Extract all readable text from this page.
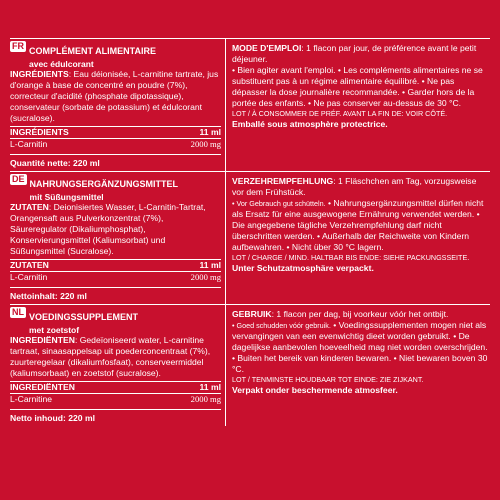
FR COMPLÉMENT ALIMENTAIRE
avec édulcorant
INGRÉDIENTS: Eau déionisée, L-carnitine tartrate, jus d'orange à base de concentré en poudre (7%), correcteur d'acidité (phosphate dipotassique), conservateur (sorbate de potassium) et édulcorant (sucralose).
INGRÉDIENTS	11 ml
L-Carnitin	2000 mg
Quantité nette: 220 ml
MODE D'EMPLOI: 1 flacon par jour, de préférence avant le petit déjeuner.
• Bien agiter avant l'emploi. • Les compléments alimentaires ne se substituent pas à un régime alimentaire équilibré. • Ne pas dépasser la dose journalière recommandée. • Garder hors de la portée des enfants. • Ne pas conserver au-dessus de 30 °C.
LOT / À CONSOMMER DE PRÉF. AVANT LA FIN DE: VOIR CÔTÉ.
Emballé sous atmosphère protectrice.
DE NAHRUNGSERGÄNZUNGSMITTEL
mit Süßungsmittel
ZUTATEN: Deionisiertes Wasser, L-Carnitin-Tartrat, Orangensaft aus Pulverkonzentrat (7%), Säureregulator (Dikaliumphosphat), Konservierungsmittel (Kaliumsorbat) und Süßungsmittel (Sucralose).
ZUTATEN	11 ml
L-Carnitin	2000 mg
Nettoinhalt: 220 ml
VERZEHREMPFEHLUNG: 1 Fläschchen am Tag, vorzugsweise vor dem Frühstück.
• Vor Gebrauch gut schütteln. • Nahrungsergänzungsmittel dürfen nicht als Ersatz für eine ausgewogene Ernährung verwendet werden. • Die angegebene tägliche Verzehrempfehlung darf nicht überschritten werden. • Außerhalb der Reichweite von Kindern aufbewahren. • Nicht über 30 °C lagern.
LOT / CHARGE / MIND. HALTBAR BIS ENDE: SIEHE PACKUNGSSEITE.
Unter Schutzatmosphäre verpackt.
NL VOEDINGSSUPPLEMENT
met zoetstof
INGREDIËNTEN: Gedeïoniseerd water, L-carnitine tartraat, sinaasappelsap uit poederconcentraat (7%), zuurteregelaar (dikaliumfosfaat), conserveermiddel (kaliumsorbaat) en zoetstof (sucralose).
INGREDIËNTEN	11 ml
L-Carnitine	2000 mg
Netto inhoud: 220 ml
GEBRUIK: 1 flacon per dag, bij voorkeur vóór het ontbijt.
• Goed schudden vóór gebruik. • Voedingssupplementen mogen niet als vervangingen van een evenwichtig dieet worden gebruikt. • De dagelijkse aanbevolen hoeveelheid mag niet worden overschrijden. • Buiten het bereik van kinderen bewaren. • Niet bewaren boven 30 °C.
LOT / TENMINSTE HOUDBAAR TOT EINDE: ZIE ZIJKANT.
Verpakt onder beschermende atmosfeer.
